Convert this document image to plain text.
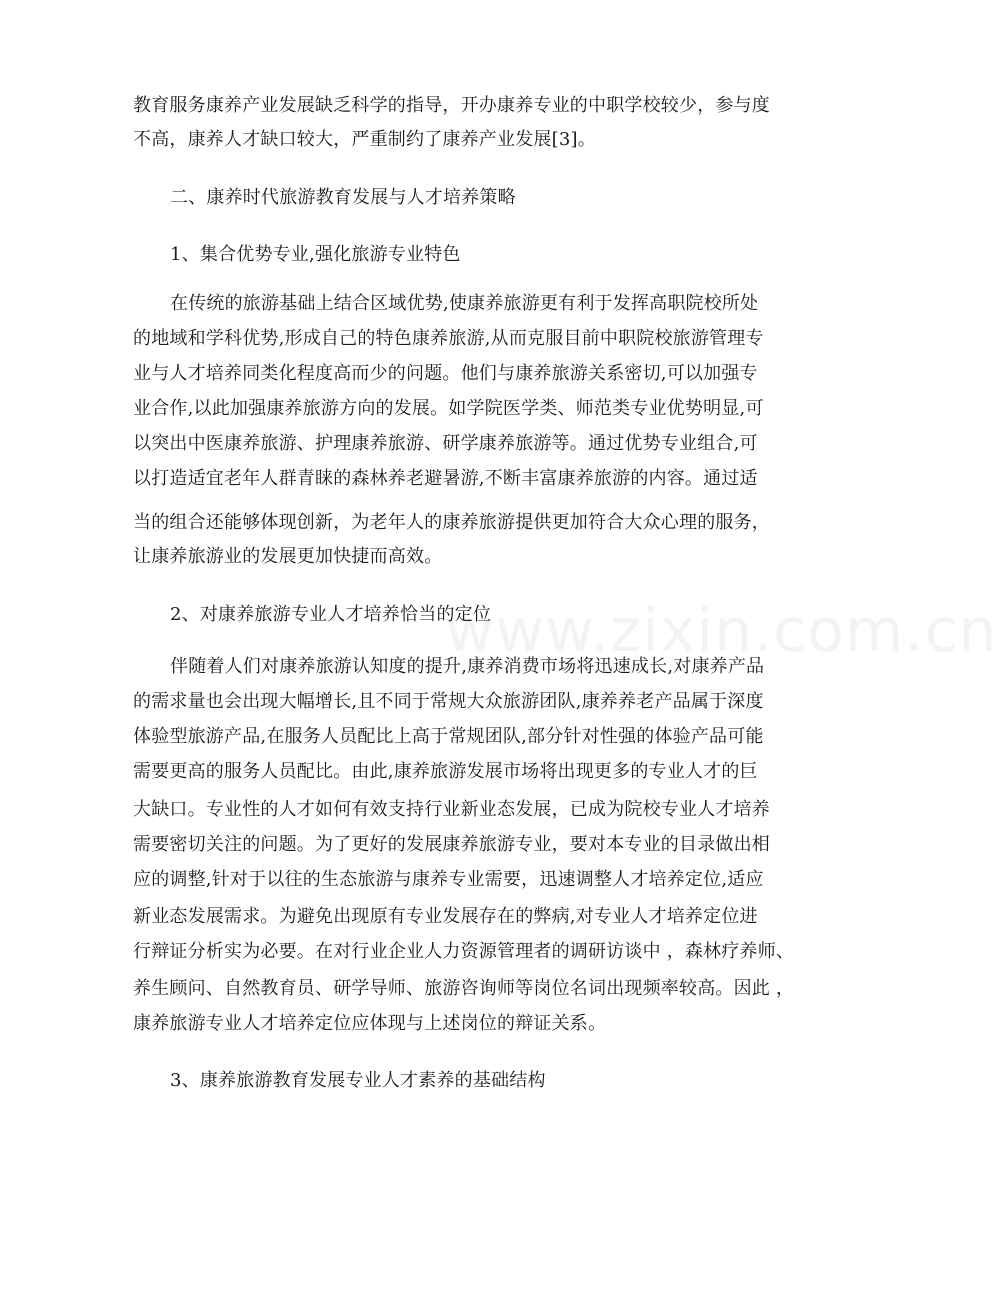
www.zixin.com.cn
教育服务康养产业发展缺乏科学的指导，开办康养专业的中职学校较少，参与度
不高，康养人才缺口较大，严重制约了康养产业发展[3]。
二、康养时代旅游教育发展与人才培养策略
1、集合优势专业,强化旅游专业特色
在传统的旅游基础上结合区域优势,使康养旅游更有利于发挥高职院校所处
的地域和学科优势,形成自己的特色康养旅游,从而克服目前中职院校旅游管理专
业与人才培养同类化程度高而少的问题。他们与康养旅游关系密切,可以加强专
业合作,以此加强康养旅游方向的发展。如学院医学类、师范类专业优势明显,可
以突出中医康养旅游、护理康养旅游、研学康养旅游等。通过优势专业组合,可
以打造适宜老年人群青睐的森林养老避暑游,不断丰富康养旅游的内容。通过适
当的组合还能够体现创新，为老年人的康养旅游提供更加符合大众心理的服务，
让康养旅游业的发展更加快捷而高效。
2、对康养旅游专业人才培养恰当的定位
伴随着人们对康养旅游认知度的提升,康养消费市场将迅速成长,对康养产品
的需求量也会出现大幅增长,且不同于常规大众旅游团队,康养养老产品属于深度
体验型旅游产品,在服务人员配比上高于常规团队,部分针对性强的体验产品可能
需要更高的服务人员配比。由此,康养旅游发展市场将出现更多的专业人才的巨
大缺口。专业性的人才如何有效支持行业新业态发展，已成为院校专业人才培养
需要密切关注的问题。为了更好的发展康养旅游专业，要对本专业的目录做出相
应的调整,针对于以往的生态旅游与康养专业需要，迅速调整人才培养定位,适应
新业态发展需求。为避免出现原有专业发展存在的弊病,对专业人才培养定位进
行辩证分析实为必要。在对行业企业人力资源管理者的调研访谈中 ，森林疗养师、
养生顾问、自然教育员、研学导师、旅游咨询师等岗位名词出现频率较高。因此 ，
康养旅游专业人才培养定位应体现与上述岗位的辩证关系。
3、康养旅游教育发展专业人才素养的基础结构
